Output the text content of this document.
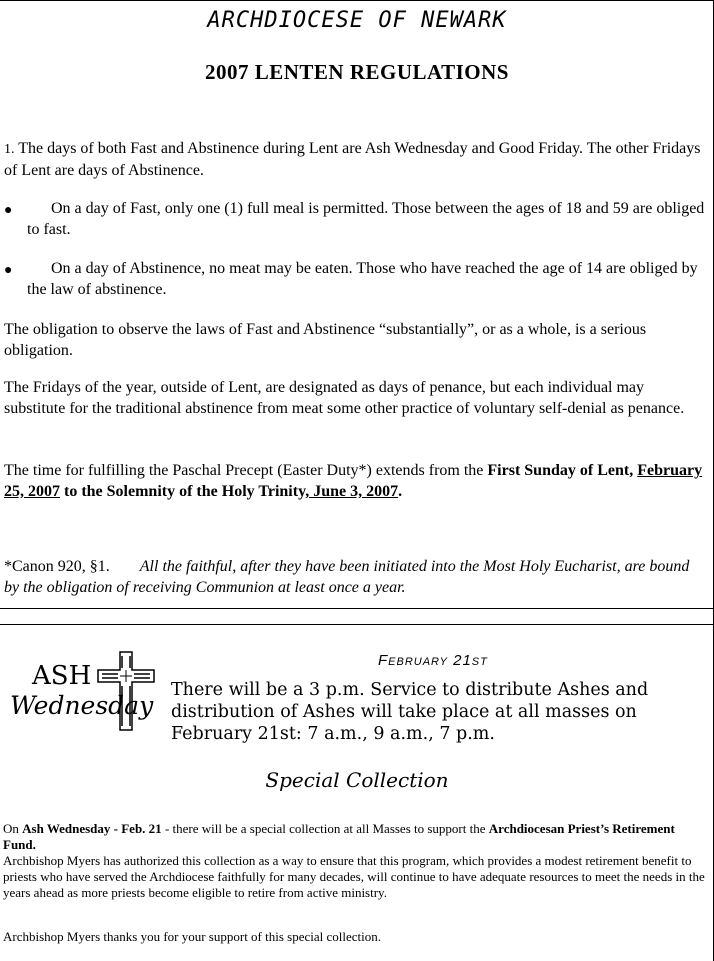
ARCHDIOCESE OF NEWARK
2007 LENTEN REGULATIONS
1. The days of both Fast and Abstinence during Lent are Ash Wednesday and Good Friday. The other Fridays of Lent are days of Abstinence.
●	On a day of Fast, only one (1) full meal is permitted. Those between the ages of 18 and 59 are obliged to fast.
●	On a day of Abstinence, no meat may be eaten. Those who have reached the age of 14 are obliged by the law of abstinence.
The obligation to observe the laws of Fast and Abstinence “substantially”, or as a whole, is a serious obligation.
The Fridays of the year, outside of Lent, are designated as days of penance, but each individual may substitute for the traditional abstinence from meat some other practice of voluntary self-denial as penance.
The time for fulfilling the Paschal Precept (Easter Duty*) extends from the First Sunday of Lent, February 25, 2007 to the Solemnity of the Holy Trinity, June 3, 2007.
*Canon 920, §1. All the faithful, after they have been initiated into the Most Holy Eucharist, are bound by the obligation of receiving Communion at least once a year.
ASH
Wednesday
February 21st
There will be a 3 p.m. Service to distribute Ashes and distribution of Ashes will take place at all masses on February 21st: 7 a.m., 9 a.m., 7 p.m.
Special Collection
On Ash Wednesday - Feb. 21 - there will be a special collection at all Masses to support the Archdiocesan Priest’s Retirement Fund.
Archbishop Myers has authorized this collection as a way to ensure that this program, which provides a modest retirement benefit to priests who have served the Archdiocese faithfully for many decades, will continue to have adequate resources to meet the needs in the years ahead as more priests become eligible to retire from active ministry.
Archbishop Myers thanks you for your support of this special collection.
